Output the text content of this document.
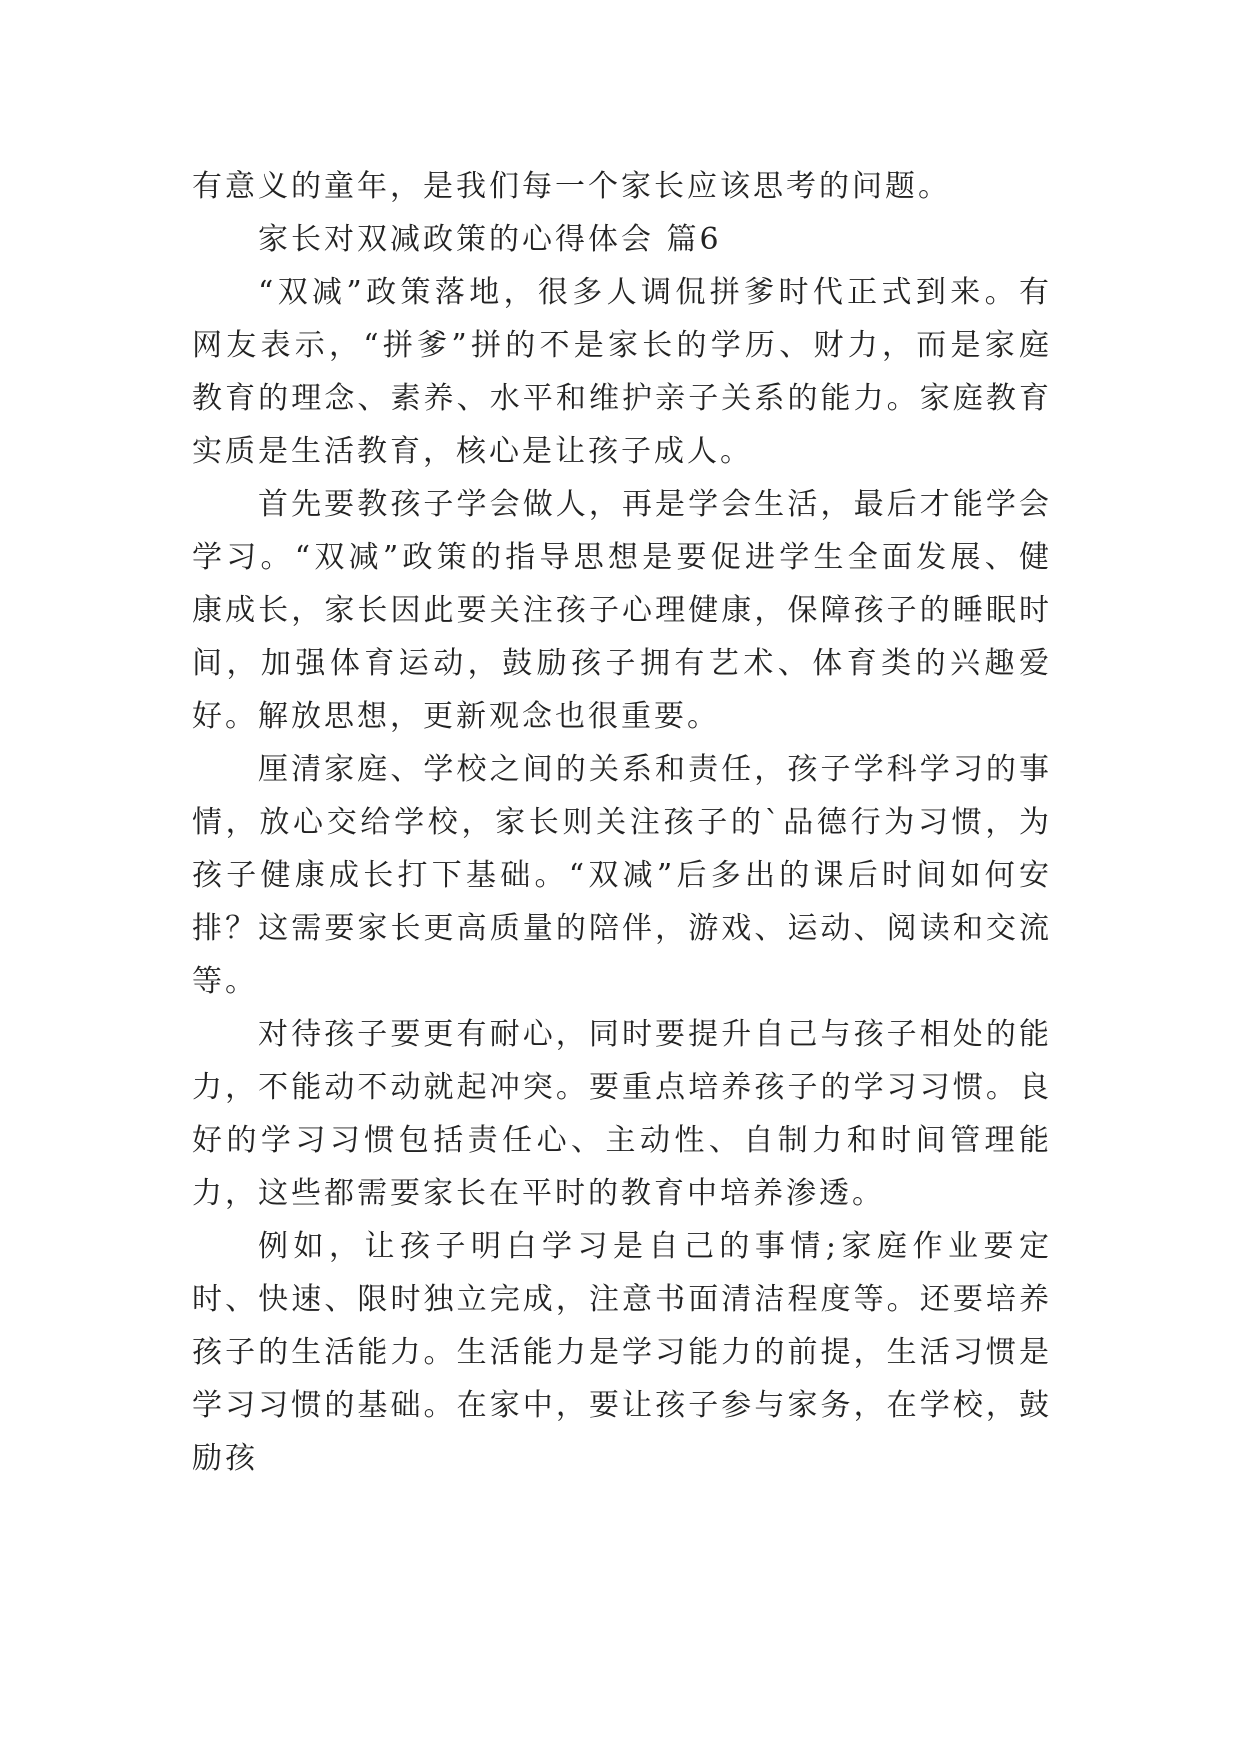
有意义的童年，是我们每一个家长应该思考的问题。

家长对双减政策的心得体会 篇6

“双减”政策落地，很多人调侃拼爹时代正式到来。有网友表示，“拼爹”拼的不是家长的学历、财力，而是家庭教育的理念、素养、水平和维护亲子关系的能力。家庭教育实质是生活教育，核心是让孩子成人。

首先要教孩子学会做人，再是学会生活，最后才能学会学习。“双减”政策的指导思想是要促进学生全面发展、健康成长，家长因此要关注孩子心理健康，保障孩子的睡眠时间，加强体育运动，鼓励孩子拥有艺术、体育类的兴趣爱好。解放思想，更新观念也很重要。

厘清家庭、学校之间的关系和责任，孩子学科学习的事情，放心交给学校，家长则关注孩子的`品德行为习惯，为孩子健康成长打下基础。“双减”后多出的课后时间如何安排？这需要家长更高质量的陪伴，游戏、运动、阅读和交流等。

对待孩子要更有耐心，同时要提升自己与孩子相处的能力，不能动不动就起冲突。要重点培养孩子的学习习惯。良好的学习习惯包括责任心、主动性、自制力和时间管理能力，这些都需要家长在平时的教育中培养渗透。

例如，让孩子明白学习是自己的事情;家庭作业要定时、快速、限时独立完成，注意书面清洁程度等。还要培养孩子的生活能力。生活能力是学习能力的前提，生活习惯是学习习惯的基础。在家中，要让孩子参与家务，在学校，鼓励孩
